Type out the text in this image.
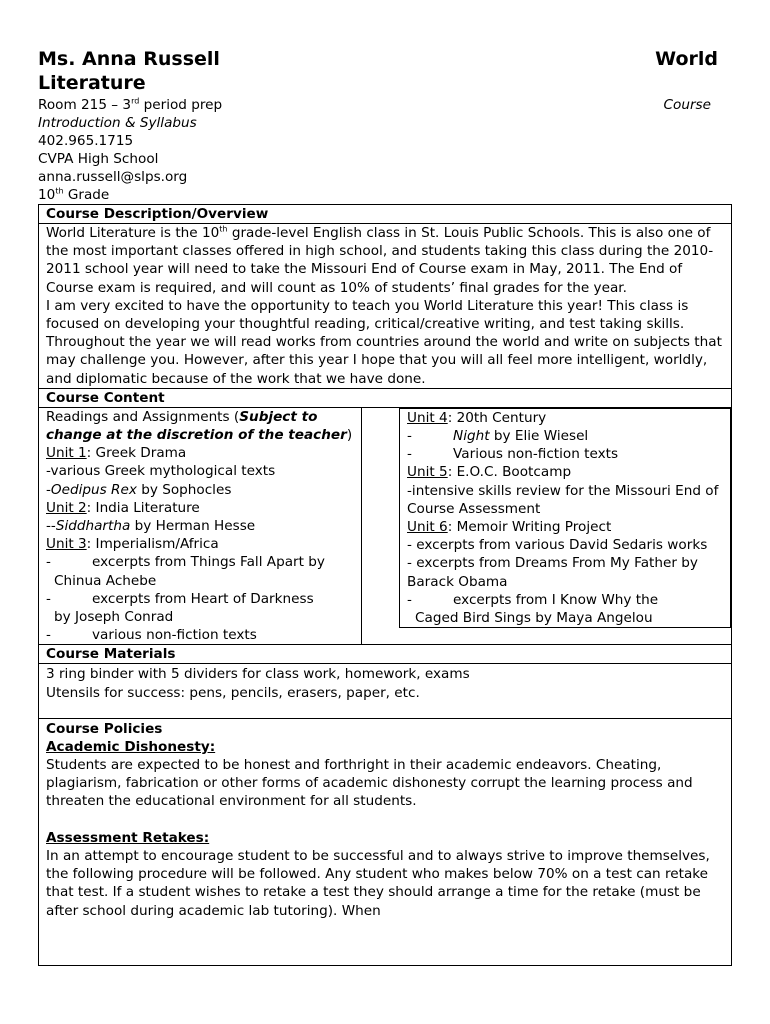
Ms. Anna Russell	World
Literature
Room 215 – 3rd period prep	Course
Introduction & Syllabus
402.965.1715
CVPA High School
anna.russell@slps.org
10th Grade
Course Description/Overview
World Literature is the 10th grade-level English class in St. Louis Public Schools. This is also one of the most important classes offered in high school, and students taking this class during the 2010-2011 school year will need to take the Missouri End of Course exam in May, 2011. The End of Course exam is required, and will count as 10% of students’ final grades for the year.
I am very excited to have the opportunity to teach you World Literature this year! This class is focused on developing your thoughtful reading, critical/creative writing, and test taking skills. Throughout the year we will read works from countries around the world and write on subjects that may challenge you. However, after this year I hope that you will all feel more intelligent, worldly, and diplomatic because of the work that we have done.
Course Content
Readings and Assignments (Subject to change at the discretion of the teacher)
Unit 1: Greek Drama
-various Greek mythological texts
-Oedipus Rex by Sophocles
Unit 2: India Literature
--Siddhartha by Herman Hesse
Unit 3: Imperialism/Africa
-	excerpts from Things Fall Apart by
Chinua Achebe
-	excerpts from Heart of Darkness
by Joseph Conrad
-	various non-fiction texts
Unit 4: 20th Century
-	Night by Elie Wiesel
-	Various non-fiction texts
Unit 5: E.O.C. Bootcamp
-intensive skills review for the Missouri End of Course Assessment
Unit 6: Memoir Writing Project
- excerpts from various David Sedaris works
- excerpts from Dreams From My Father by Barack Obama
-	excerpts from I Know Why the
Caged Bird Sings by Maya Angelou
Course Materials
3 ring binder with 5 dividers for class work, homework, exams
Utensils for success: pens, pencils, erasers, paper, etc.
Course Policies
Academic Dishonesty:
Students are expected to be honest and forthright in their academic endeavors. Cheating, plagiarism, fabrication or other forms of academic dishonesty corrupt the learning process and threaten the educational environment for all students.
Assessment Retakes:
In an attempt to encourage student to be successful and to always strive to improve themselves, the following procedure will be followed. Any student who makes below 70% on a test can retake that test. If a student wishes to retake a test they should arrange a time for the retake (must be after school during academic lab tutoring). When
